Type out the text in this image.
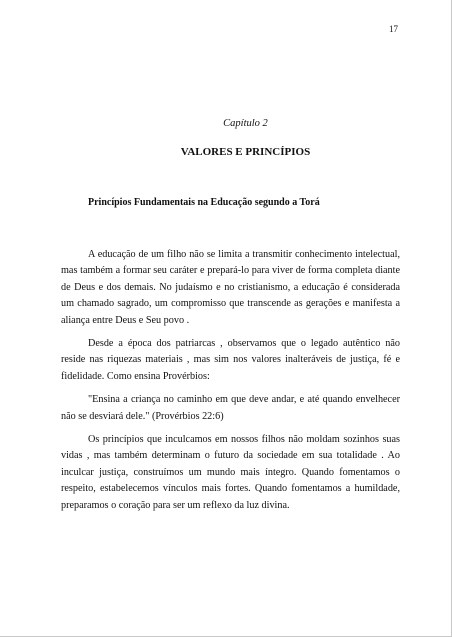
17
Capítulo 2
VALORES E PRINCÍPIOS
Princípios Fundamentais na Educação segundo a Torá

A educação de um filho não se limita a transmitir conhecimento intelectual, mas também a formar seu caráter e prepará-lo para viver de forma completa diante de Deus e dos demais. No judaísmo e no cristianismo, a educação é considerada um chamado sagrado, um compromisso que transcende as gerações e manifesta a aliança entre Deus e Seu povo .

Desde a época dos patriarcas , observamos que o legado autêntico não reside nas riquezas materiais , mas sim nos valores inalteráveis de justiça, fé e fidelidade. Como ensina Provérbios:

"Ensina a criança no caminho em que deve andar, e até quando envelhecer não se desviará dele." (Provérbios 22:6)

Os princípios que inculcamos em nossos filhos não moldam sozinhos suas vidas , mas também determinam o futuro da sociedade em sua totalidade . Ao inculcar justiça, construímos um mundo mais íntegro. Quando fomentamos o respeito, estabelecemos vínculos mais fortes. Quando fomentamos a humildade, preparamos o coração para ser um reflexo da luz divina.
